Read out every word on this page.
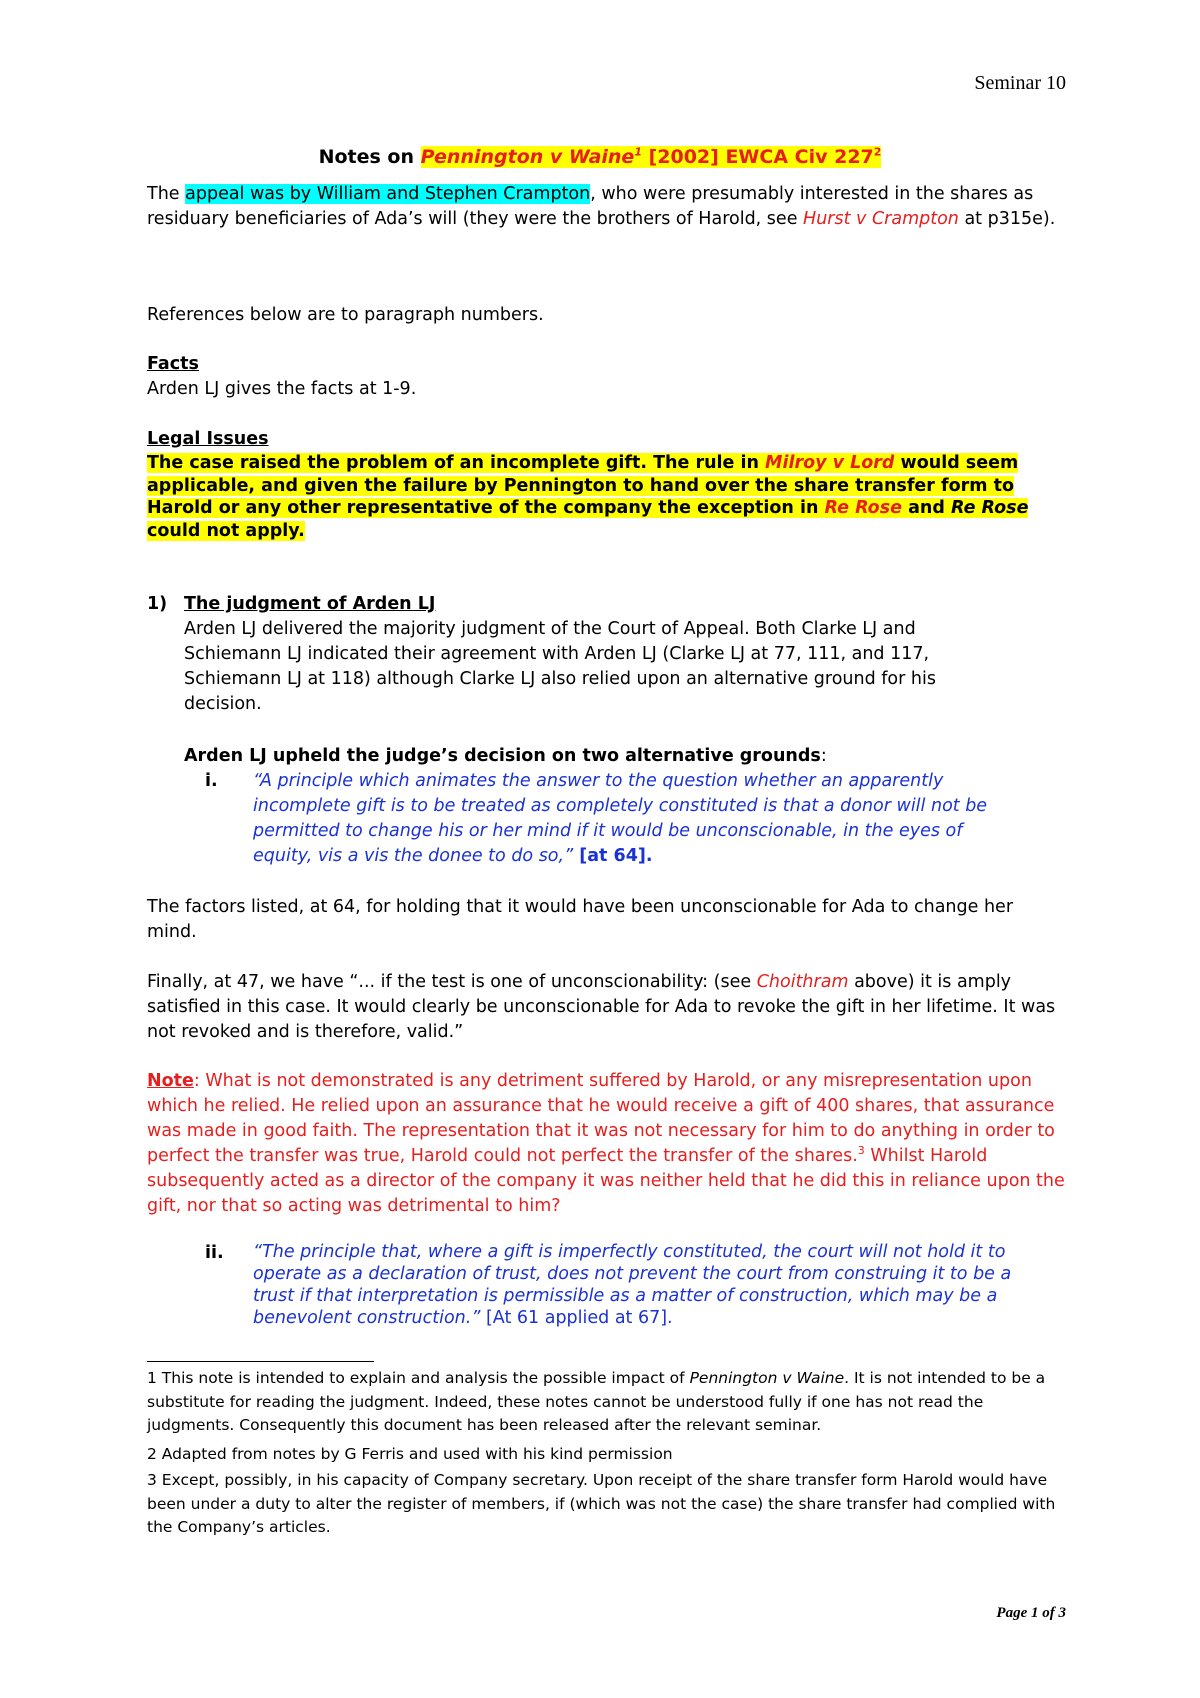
Seminar 10
Notes on Pennington v Waine$^1$ [2002] EWCA Civ $227^2$
The appeal was by William and Stephen Crampton, who were presumably interested in the shares as residuary beneficiaries of Ada’s will (they were the brothers of Harold, see Hurst v Crampton at p315e).
References below are to paragraph numbers.
Facts
Arden LJ gives the facts at 1-9.
Legal Issues
The case raised the problem of an incomplete gift. The rule in Milroy v Lord would seem applicable, and given the failure by Pennington to hand over the share transfer form to Harold or any other representative of the company the exception in Re Rose and Re Rose could not apply.
1) The judgment of Arden LJ
Arden LJ delivered the majority judgment of the Court of Appeal. Both Clarke LJ and Schiemann LJ indicated their agreement with Arden LJ (Clarke LJ at 77, 111, and 117, Schiemann LJ at 118) although Clarke LJ also relied upon an alternative ground for his decision.
Arden LJ upheld the judge’s decision on two alternative grounds:
i. “A principle which animates the answer to the question whether an apparently incomplete gift is to be treated as completely constituted is that a donor will not be permitted to change his or her mind if it would be unconscionable, in the eyes of equity, vis a vis the donee to do so,” [at 64].
The factors listed, at 64, for holding that it would have been unconscionable for Ada to change her mind.
Finally, at 47, we have “... if the test is one of unconscionability: (see Choithram above) it is amply satisfied in this case. It would clearly be unconscionable for Ada to revoke the gift in her lifetime. It was not revoked and is therefore, valid.”
Note: What is not demonstrated is any detriment suffered by Harold, or any misrepresentation upon which he relied. He relied upon an assurance that he would receive a gift of 400 shares, that assurance was made in good faith. The representation that it was not necessary for him to do anything in order to perfect the transfer was true, Harold could not perfect the transfer of the shares.$^3$ Whilst Harold subsequently acted as a director of the company it was neither held that he did this in reliance upon the gift, nor that so acting was detrimental to him?
ii. “The principle that, where a gift is imperfectly constituted, the court will not hold it to operate as a declaration of trust, does not prevent the court from construing it to be a trust if that interpretation is permissible as a matter of construction, which may be a benevolent construction.” [At 61 applied at 67].
1 This note is intended to explain and analysis the possible impact of Pennington v Waine. It is not intended to be a substitute for reading the judgment. Indeed, these notes cannot be understood fully if one has not read the judgments. Consequently this document has been released after the relevant seminar.
2 Adapted from notes by G Ferris and used with his kind permission
3 Except, possibly, in his capacity of Company secretary. Upon receipt of the share transfer form Harold would have been under a duty to alter the register of members, if (which was not the case) the share transfer had complied with the Company’s articles.
Page 1 of 3
